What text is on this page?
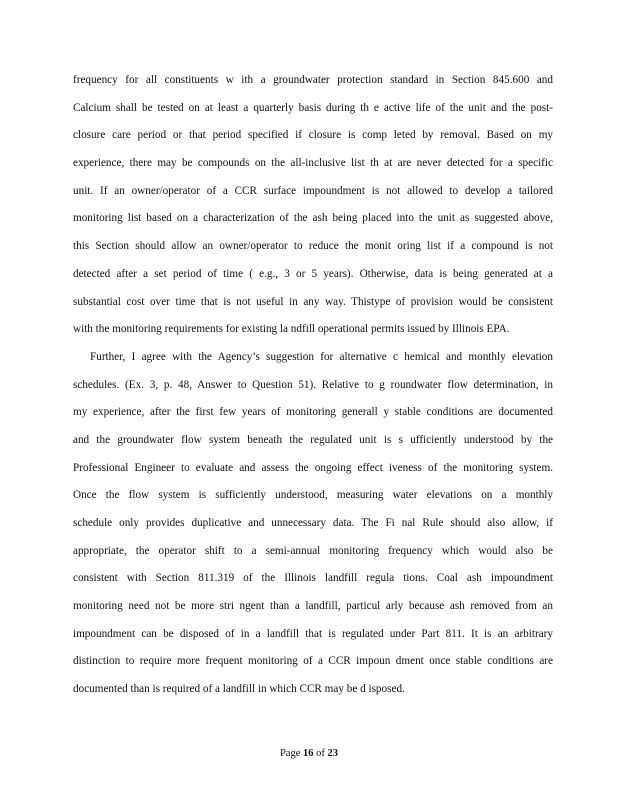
frequency for all constituents w ith a groundwater protection standard in Section 845.600 and
Calcium shall be tested on at least a quarterly basis during th e active life of the unit and the post-
closure care period or that period specified if closure is comp leted by removal. Based on my
experience, there may be compounds on the all-inclusive list th at are never detected for a specific
unit. If an owner/operator of a CCR surface impoundment is not allowed to develop a tailored
monitoring list based on a characterization of the ash being placed into the unit as suggested above,
this Section should allow an owner/operator to reduce the monit oring list if a compound is not
detected after a set period of time ( e.g., 3 or 5 years). Otherwise, data is being generated at a
substantial cost over time that is not useful in any way. Thistype of provision would be consistent
with the monitoring requirements for existing la ndfill operational permits issued by Illinois EPA.
Further, I agree with the Agency’s suggestion for alternative c hemical and monthly elevation
schedules. (Ex. 3, p. 48, Answer to Question 51). Relative to g roundwater flow determination, in
my experience, after the first few years of monitoring generall y stable conditions are documented
and the groundwater flow system beneath the regulated unit is s ufficiently understood by the
Professional Engineer to evaluate and assess the ongoing effect iveness of the monitoring system.
Once the flow system is sufficiently understood, measuring water elevations on a monthly
schedule only provides duplicative and unnecessary data. The Fi nal Rule should also allow, if
appropriate, the operator shift to a semi-annual monitoring frequency which would also be
consistent with Section 811.319 of the Illinois landfill regula tions. Coal ash impoundment
monitoring need not be more stri ngent than a landfill, particul arly because ash removed from an
impoundment can be disposed of in a landfill that is regulated under Part 811. It is an arbitrary
distinction to require more frequent monitoring of a CCR impoun dment once stable conditions are
documented than is required of a landfill in which CCR may be d isposed.
Page 16 of 23
